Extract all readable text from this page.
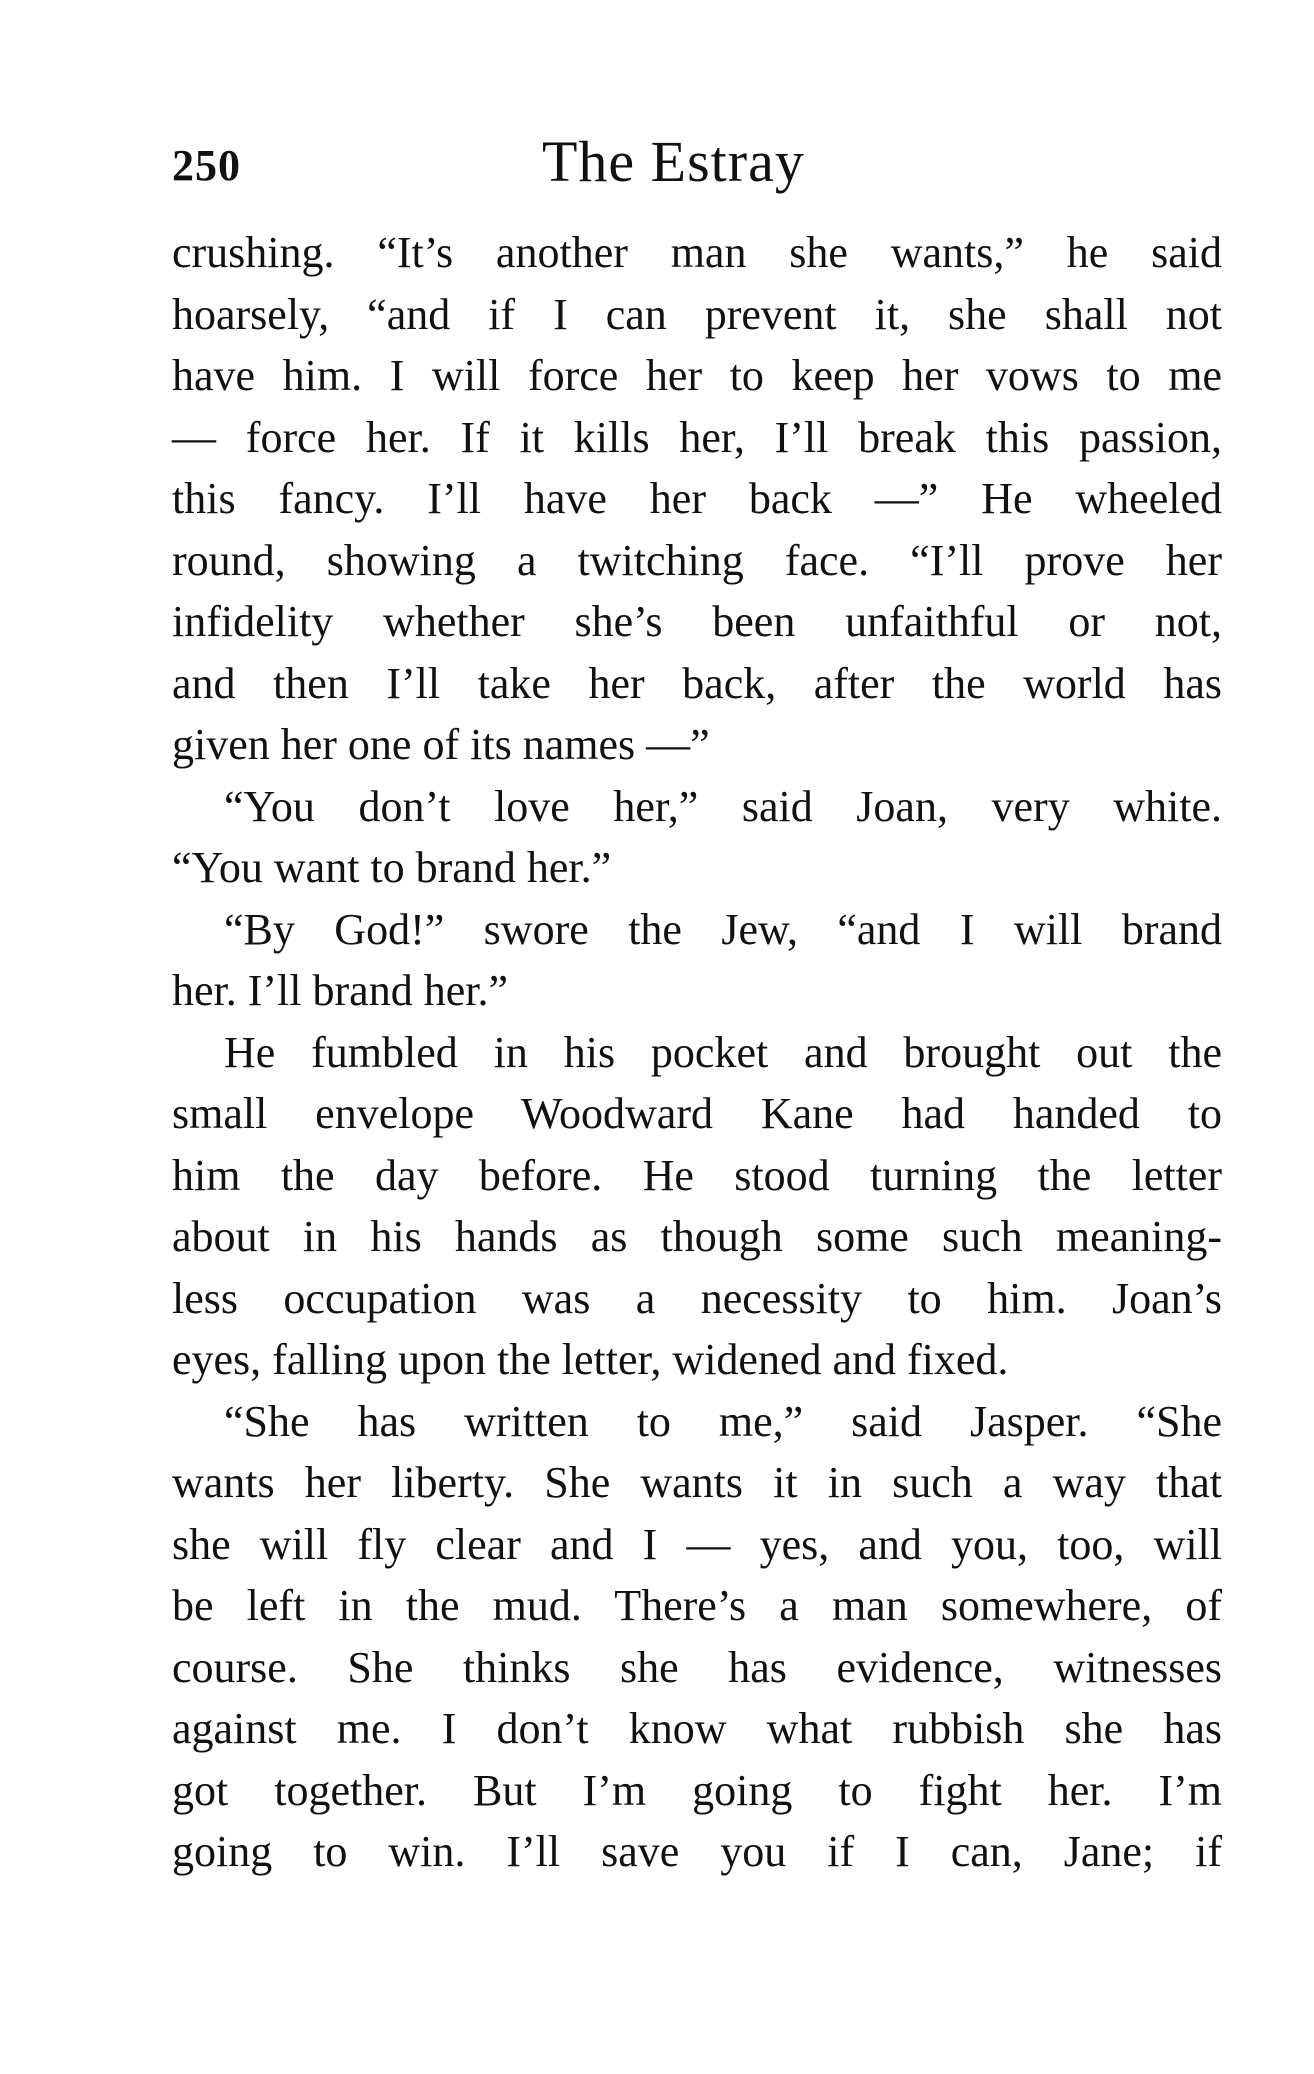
250	The Estray
crushing. “It’s another man she wants,” he said
hoarsely, “and if I can prevent it, she shall not
have him. I will force her to keep her vows to me
— force her. If it kills her, I’ll break this passion,
this fancy. I’ll have her back —” He wheeled
round, showing a twitching face. “I’ll prove her
infidelity whether she’s been unfaithful or not,
and then I’ll take her back, after the world has
given her one of its names —”
“You don’t love her,” said Joan, very white.
“You want to brand her.”
“By God!” swore the Jew, “and I will brand
her. I’ll brand her.”
He fumbled in his pocket and brought out the
small envelope Woodward Kane had handed to
him the day before. He stood turning the letter
about in his hands as though some such meaning-
less occupation was a necessity to him. Joan’s
eyes, falling upon the letter, widened and fixed.
“She has written to me,” said Jasper. “She
wants her liberty. She wants it in such a way that
she will fly clear and I — yes, and you, too, will
be left in the mud. There’s a man somewhere, of
course. She thinks she has evidence, witnesses
against me. I don’t know what rubbish she has
got together. But I’m going to fight her. I’m
going to win. I’ll save you if I can, Jane; if
